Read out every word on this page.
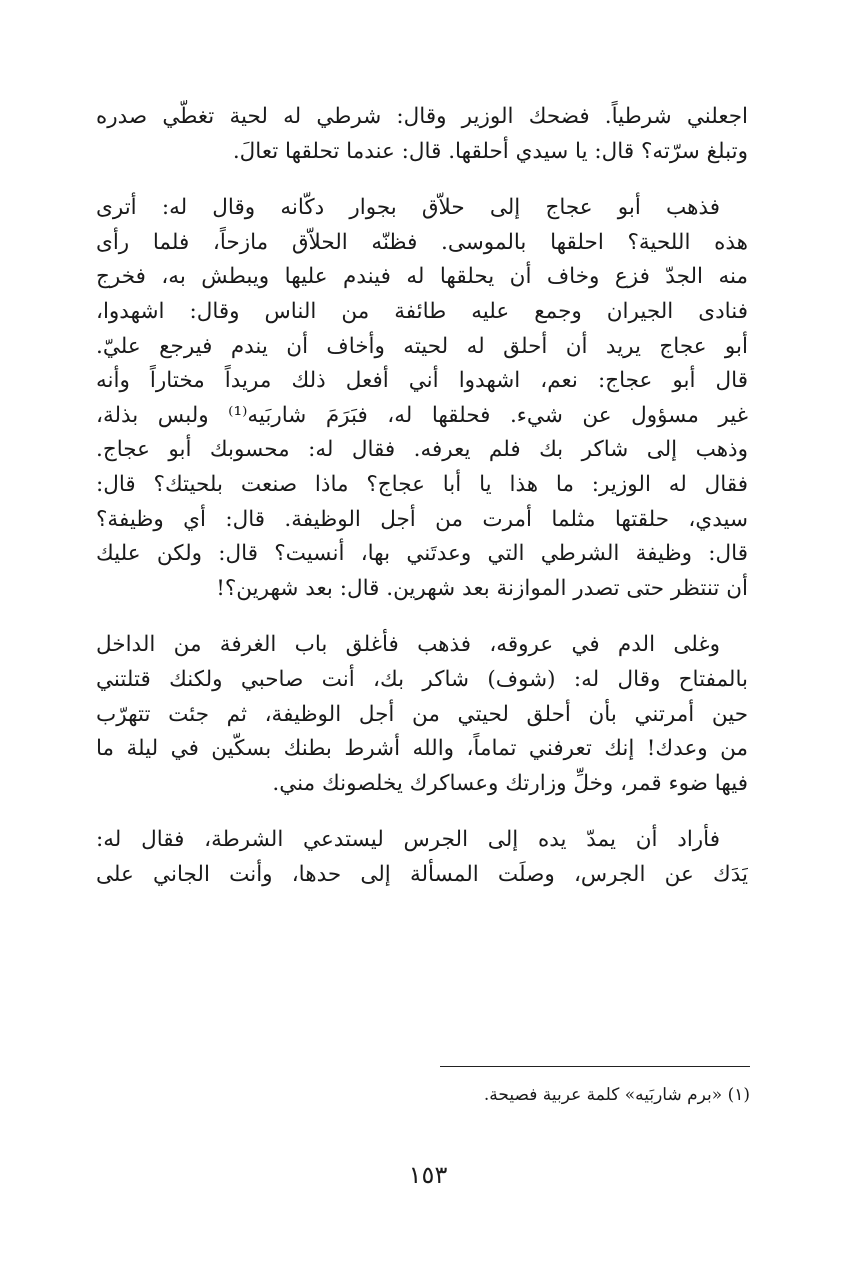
اجعلني شرطياً. فضحك الوزير وقال: شرطي له لحية تغطّي صدره
وتبلغ سرّته؟ قال: يا سيدي أحلقها. قال: عندما تحلقها تعالَ.
فذهب أبو عجاج إلى حلاّق بجوار دكّانه وقال له: أترى
هذه اللحية؟ احلقها بالموسى. فظنّه الحلاّق مازحاً، فلما رأى
منه الجدّ فزع وخاف أن يحلقها له فيندم عليها ويبطش به، فخرج
فنادى الجيران وجمع عليه طائفة من الناس وقال: اشهدوا،
أبو عجاج يريد أن أحلق له لحيته وأخاف أن يندم فيرجع عليّ.
قال أبو عجاج: نعم، اشهدوا أني أفعل ذلك مريداً مختاراً وأنه
غير مسؤول عن شيء. فحلقها له، فبَرَمَ شاربَيه⁽¹⁾ ولبس بذلة،
وذهب إلى شاكر بك فلم يعرفه. فقال له: محسوبك أبو عجاج.
فقال له الوزير: ما هذا يا أبا عجاج؟ ماذا صنعت بلحيتك؟ قال:
سيدي، حلقتها مثلما أمرت من أجل الوظيفة. قال: أي وظيفة؟
قال: وظيفة الشرطي التي وعدتَني بها، أنسيت؟ قال: ولكن عليك
أن تنتظر حتى تصدر الموازنة بعد شهرين. قال: بعد شهرين؟!
وغلى الدم في عروقه، فذهب فأغلق باب الغرفة من الداخل
بالمفتاح وقال له: (شوف) شاكر بك، أنت صاحبي ولكنك قتلتني
حين أمرتني بأن أحلق لحيتي من أجل الوظيفة، ثم جئت تتهرّب
من وعدك! إنك تعرفني تماماً، والله أشرط بطنك بسكّين في ليلة ما
فيها ضوء قمر، وخلِّ وزارتك وعساكرك يخلصونك مني.
فأراد أن يمدّ يده إلى الجرس ليستدعي الشرطة، فقال له:
يَدَك عن الجرس، وصلَت المسألة إلى حدها، وأنت الجاني على
(١) «برم شاربَيه» كلمة عربية فصيحة.
١٥٣
